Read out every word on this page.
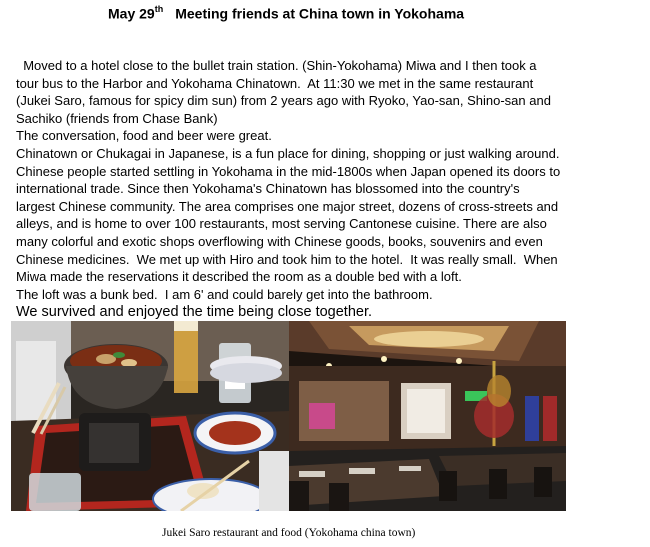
May 29th Meeting friends at China town in Yokohama

Moved to a hotel close to the bullet train station. (Shin-Yokohama) Miwa and I then took a

tour bus to the Harbor and Yokohama Chinatown.  At 11:30 we met in the same restaurant

(Jukei Saro, famous for spicy dim sun) from 2 years ago with Ryoko, Yao-san, Shino-san and

Sachiko (friends from Chase Bank)

The conversation, food and beer were great.

Chinatown or Chukagai in Japanese, is a fun place for dining, shopping or just walking around.

Chinese people started settling in Yokohama in the mid-1800s when Japan opened its doors to

international trade. Since then Yokohama's Chinatown has blossomed into the country's

largest Chinese community. The area comprises one major street, dozens of cross-streets and

alleys, and is home to over 100 restaurants, most serving Cantonese cuisine. There are also

many colorful and exotic shops overflowing with Chinese goods, books, souvenirs and even

Chinese medicines.  We met up with Hiro and took him to the hotel.  It was really small.  When

Miwa made the reservations it described the room as a double bed with a loft.

The loft was a bunk bed.  I am 6' and could barely get into the bathroom.

We survived and enjoyed the time being close together.

Jukei Saro restaurant and food (Yokohama china town)
